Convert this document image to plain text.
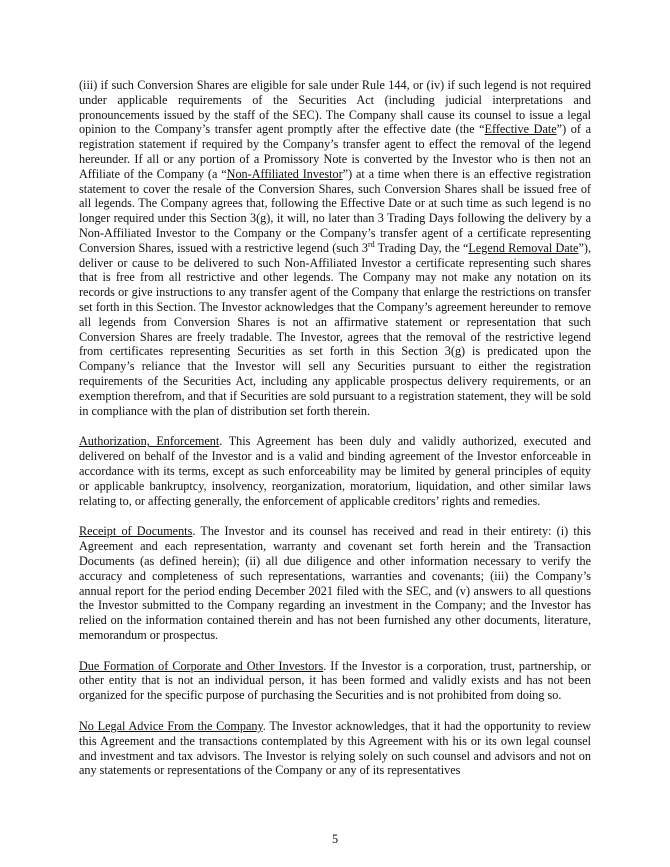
(iii) if such Conversion Shares are eligible for sale under Rule 144, or (iv) if such legend is not required under applicable requirements of the Securities Act (including judicial interpretations and pronouncements issued by the staff of the SEC). The Company shall cause its counsel to issue a legal opinion to the Company’s transfer agent promptly after the effective date (the “Effective Date”) of a registration statement if required by the Company’s transfer agent to effect the removal of the legend hereunder. If all or any portion of a Promissory Note is converted by the Investor who is then not an Affiliate of the Company (a “Non-Affiliated Investor”) at a time when there is an effective registration statement to cover the resale of the Conversion Shares, such Conversion Shares shall be issued free of all legends. The Company agrees that, following the Effective Date or at such time as such legend is no longer required under this Section 3(g), it will, no later than 3 Trading Days following the delivery by a Non-Affiliated Investor to the Company or the Company’s transfer agent of a certificate representing Conversion Shares, issued with a restrictive legend (such 3rd Trading Day, the “Legend Removal Date”), deliver or cause to be delivered to such Non-Affiliated Investor a certificate representing such shares that is free from all restrictive and other legends. The Company may not make any notation on its records or give instructions to any transfer agent of the Company that enlarge the restrictions on transfer set forth in this Section. The Investor acknowledges that the Company’s agreement hereunder to remove all legends from Conversion Shares is not an affirmative statement or representation that such Conversion Shares are freely tradable. The Investor, agrees that the removal of the restrictive legend from certificates representing Securities as set forth in this Section 3(g) is predicated upon the Company’s reliance that the Investor will sell any Securities pursuant to either the registration requirements of the Securities Act, including any applicable prospectus delivery requirements, or an exemption therefrom, and that if Securities are sold pursuant to a registration statement, they will be sold in compliance with the plan of distribution set forth therein.

Authorization, Enforcement. This Agreement has been duly and validly authorized, executed and delivered on behalf of the Investor and is a valid and binding agreement of the Investor enforceable in accordance with its terms, except as such enforceability may be limited by general principles of equity or applicable bankruptcy, insolvency, reorganization, moratorium, liquidation, and other similar laws relating to, or affecting generally, the enforcement of applicable creditors’ rights and remedies.

Receipt of Documents. The Investor and its counsel has received and read in their entirety: (i) this Agreement and each representation, warranty and covenant set forth herein and the Transaction Documents (as defined herein); (ii) all due diligence and other information necessary to verify the accuracy and completeness of such representations, warranties and covenants; (iii) the Company’s annual report for the period ending December 2021 filed with the SEC, and (v) answers to all questions the Investor submitted to the Company regarding an investment in the Company; and the Investor has relied on the information contained therein and has not been furnished any other documents, literature, memorandum or prospectus.

Due Formation of Corporate and Other Investors. If the Investor is a corporation, trust, partnership, or other entity that is not an individual person, it has been formed and validly exists and has not been organized for the specific purpose of purchasing the Securities and is not prohibited from doing so.

No Legal Advice From the Company. The Investor acknowledges, that it had the opportunity to review this Agreement and the transactions contemplated by this Agreement with his or its own legal counsel and investment and tax advisors. The Investor is relying solely on such counsel and advisors and not on any statements or representations of the Company or any of its representatives

5
